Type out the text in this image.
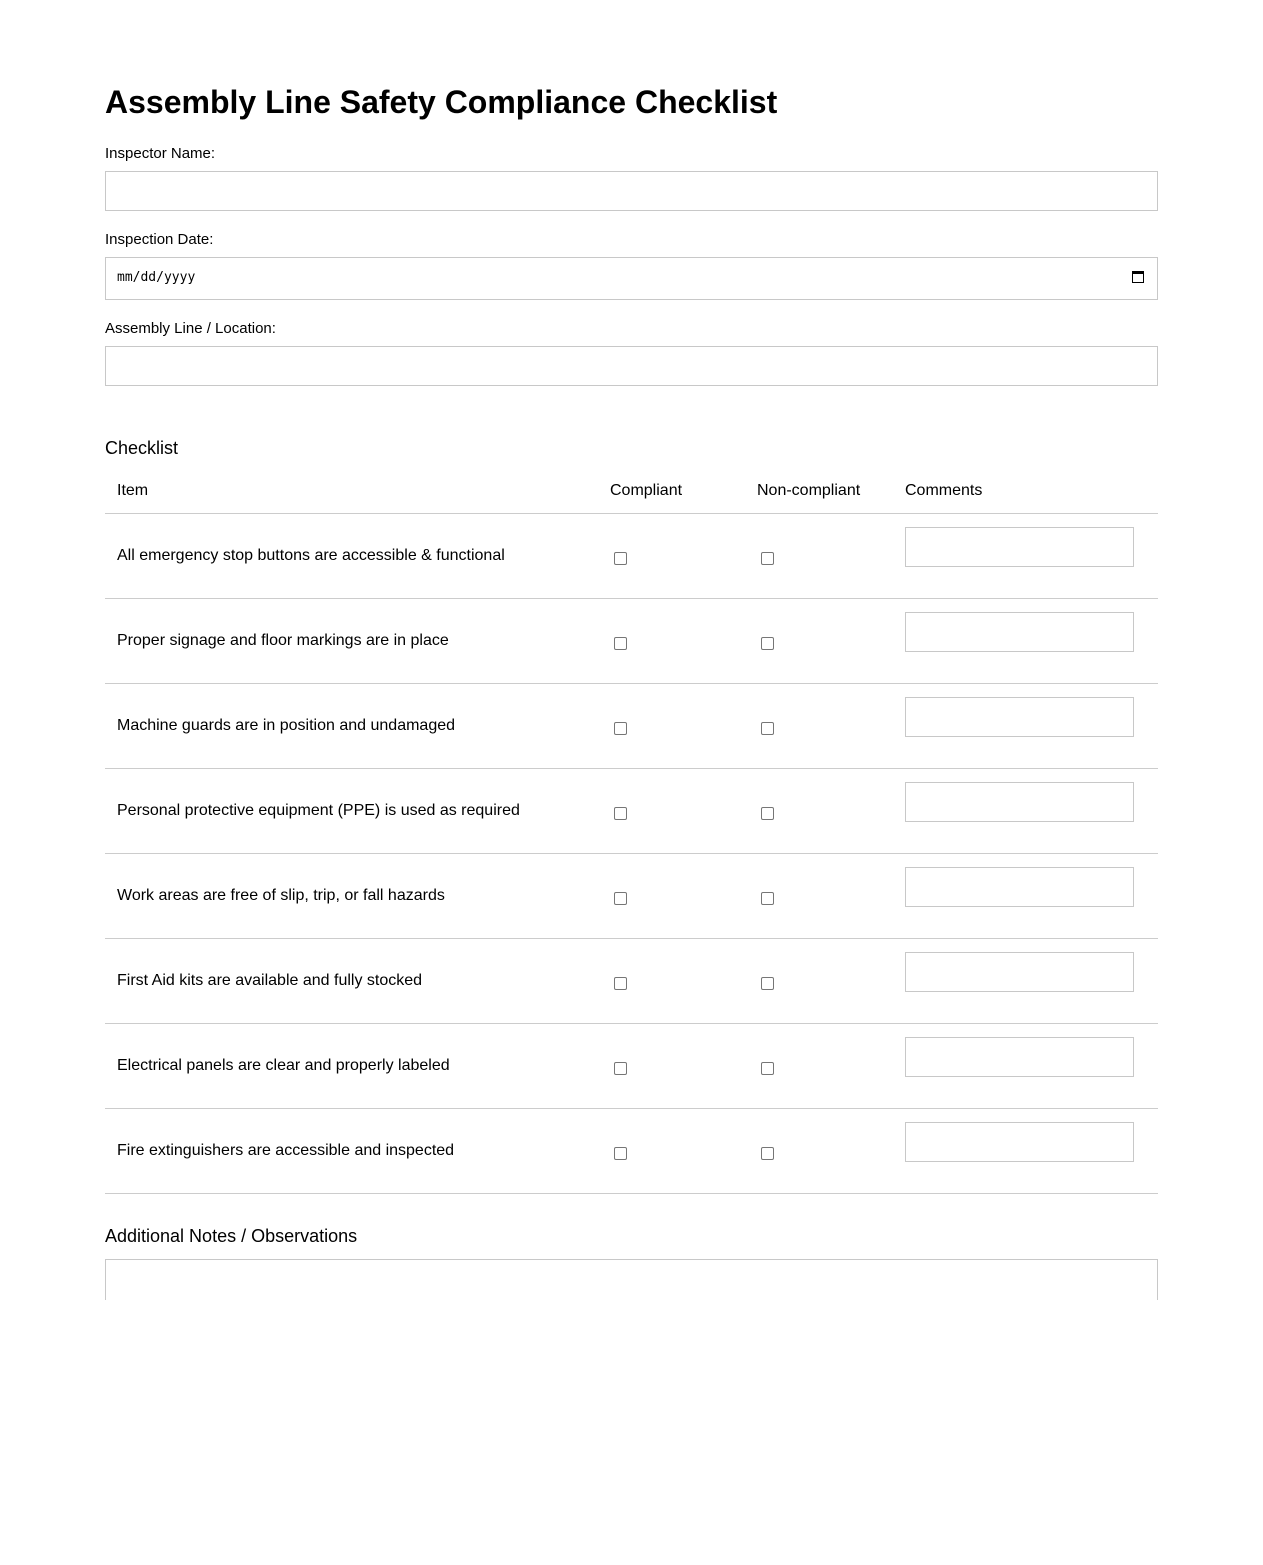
Assembly Line Safety Compliance Checklist
Inspector Name:
Inspection Date:
mm/dd/yyyy
Assembly Line / Location:
Checklist
Item	Compliant	Non-compliant	Comments
All emergency stop buttons are accessible & functional			

Proper signage and floor markings are in place			

Machine guards are in position and undamaged			

Personal protective equipment (PPE) is used as required			

Work areas are free of slip, trip, or fall hazards			

First Aid kits are available and fully stocked			

Electrical panels are clear and properly labeled			

Fire extinguishers are accessible and inspected			
Additional Notes / Observations
